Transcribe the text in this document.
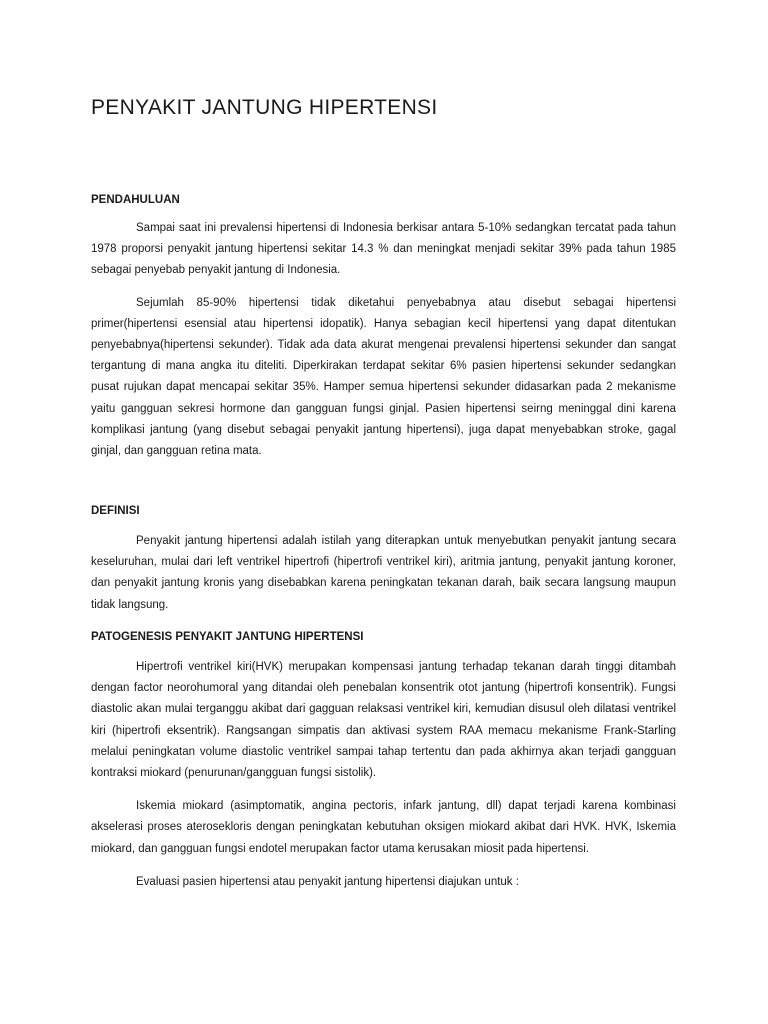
PENYAKIT JANTUNG HIPERTENSI
PENDAHULUAN

Sampai saat ini prevalensi hipertensi di Indonesia berkisar antara 5-10% sedangkan tercatat pada tahun 1978 proporsi penyakit jantung hipertensi sekitar 14.3 % dan meningkat menjadi sekitar 39% pada tahun 1985 sebagai penyebab penyakit jantung di Indonesia.

Sejumlah 85-90% hipertensi tidak diketahui penyebabnya atau disebut sebagai hipertensi primer(hipertensi esensial atau hipertensi idopatik). Hanya sebagian kecil hipertensi yang dapat ditentukan penyebabnya(hipertensi sekunder). Tidak ada data akurat mengenai prevalensi hipertensi sekunder dan sangat tergantung di mana angka itu diteliti. Diperkirakan terdapat sekitar 6% pasien hipertensi sekunder sedangkan pusat rujukan dapat mencapai sekitar 35%. Hamper semua hipertensi sekunder didasarkan pada 2 mekanisme yaitu gangguan sekresi hormone dan gangguan fungsi ginjal. Pasien hipertensi seirng meninggal dini karena komplikasi jantung (yang disebut sebagai penyakit jantung hipertensi), juga dapat menyebabkan stroke, gagal ginjal, dan gangguan retina mata.

DEFINISI

Penyakit jantung hipertensi adalah istilah yang diterapkan untuk menyebutkan penyakit jantung secara keseluruhan, mulai dari left ventrikel hipertrofi (hipertrofi ventrikel kiri), aritmia jantung, penyakit jantung koroner, dan penyakit jantung kronis yang disebabkan karena peningkatan tekanan darah, baik secara langsung maupun tidak langsung.

PATOGENESIS PENYAKIT JANTUNG HIPERTENSI

Hipertrofi ventrikel kiri(HVK) merupakan kompensasi jantung terhadap tekanan darah tinggi ditambah dengan factor neorohumoral yang ditandai oleh penebalan konsentrik otot jantung (hipertrofi konsentrik). Fungsi diastolic akan mulai terganggu akibat dari gagguan relaksasi ventrikel kiri, kemudian disusul oleh dilatasi ventrikel kiri (hipertrofi eksentrik). Rangsangan simpatis dan aktivasi system RAA memacu mekanisme Frank-Starling melalui peningkatan volume diastolic ventrikel sampai tahap tertentu dan pada akhirnya akan terjadi gangguan kontraksi miokard (penurunan/gangguan fungsi sistolik).

Iskemia miokard (asimptomatik, angina pectoris, infark jantung, dll) dapat terjadi karena kombinasi akselerasi proses aterosekloris dengan peningkatan kebutuhan oksigen miokard akibat dari HVK. HVK, Iskemia miokard, dan gangguan fungsi endotel merupakan factor utama kerusakan miosit pada hipertensi.

Evaluasi pasien hipertensi atau penyakit jantung hipertensi diajukan untuk :
